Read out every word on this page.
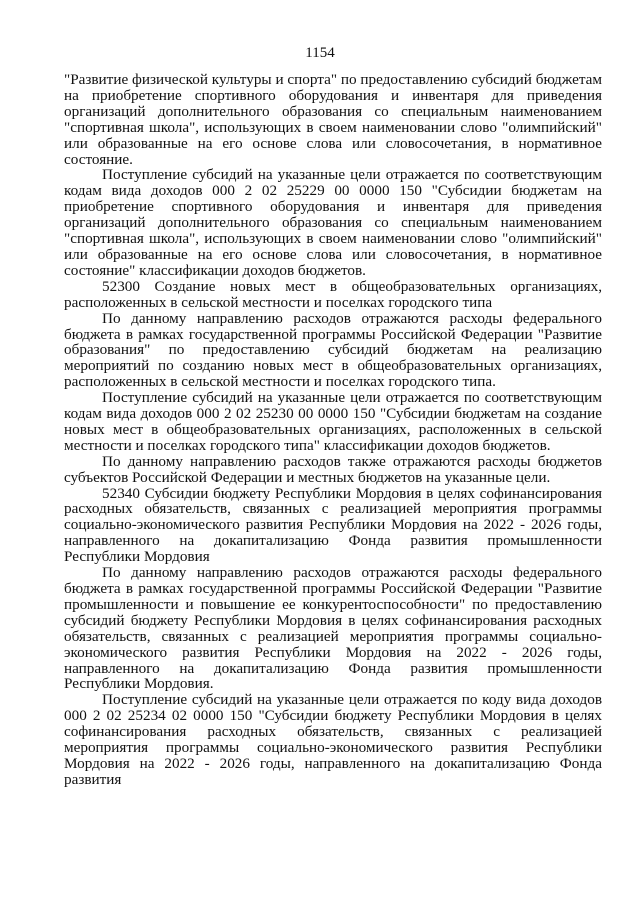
1154

"Развитие физической культуры и спорта" по предоставлению субсидий бюджетам на приобретение спортивного оборудования и инвентаря для приведения организаций дополнительного образования со специальным наименованием "спортивная школа", использующих в своем наименовании слово "олимпийский" или образованные на его основе слова или словосочетания, в нормативное состояние.

Поступление субсидий на указанные цели отражается по соответствующим кодам вида доходов 000 2 02 25229 00 0000 150 "Субсидии бюджетам на приобретение спортивного оборудования и инвентаря для приведения организаций дополнительного образования со специальным наименованием "спортивная школа", использующих в своем наименовании слово "олимпийский" или образованные на его основе слова или словосочетания, в нормативное состояние" классификации доходов бюджетов.

52300 Создание новых мест в общеобразовательных организациях, расположенных в сельской местности и поселках городского типа

По данному направлению расходов отражаются расходы федерального бюджета в рамках государственной программы Российской Федерации "Развитие образования" по предоставлению субсидий бюджетам на реализацию мероприятий по созданию новых мест в общеобразовательных организациях, расположенных в сельской местности и поселках городского типа.

Поступление субсидий на указанные цели отражается по соответствующим кодам вида доходов 000 2 02 25230 00 0000 150 "Субсидии бюджетам на создание новых мест в общеобразовательных организациях, расположенных в сельской местности и поселках городского типа" классификации доходов бюджетов.

По данному направлению расходов также отражаются расходы бюджетов субъектов Российской Федерации и местных бюджетов на указанные цели.

52340 Субсидии бюджету Республики Мордовия в целях софинансирования расходных обязательств, связанных с реализацией мероприятия программы социально-экономического развития Республики Мордовия на 2022 - 2026 годы, направленного на докапитализацию Фонда развития промышленности Республики Мордовия

По данному направлению расходов отражаются расходы федерального бюджета в рамках государственной программы Российской Федерации "Развитие промышленности и повышение ее конкурентоспособности" по предоставлению субсидий бюджету Республики Мордовия в целях софинансирования расходных обязательств, связанных с реализацией мероприятия программы социально-экономического развития Республики Мордовия на 2022 - 2026 годы, направленного на докапитализацию Фонда развития промышленности Республики Мордовия.

Поступление субсидий на указанные цели отражается по коду вида доходов 000 2 02 25234 02 0000 150 "Субсидии бюджету Республики Мордовия в целях софинансирования расходных обязательств, связанных с реализацией мероприятия программы социально-экономического развития Республики Мордовия на 2022 - 2026 годы, направленного на докапитализацию Фонда развития
